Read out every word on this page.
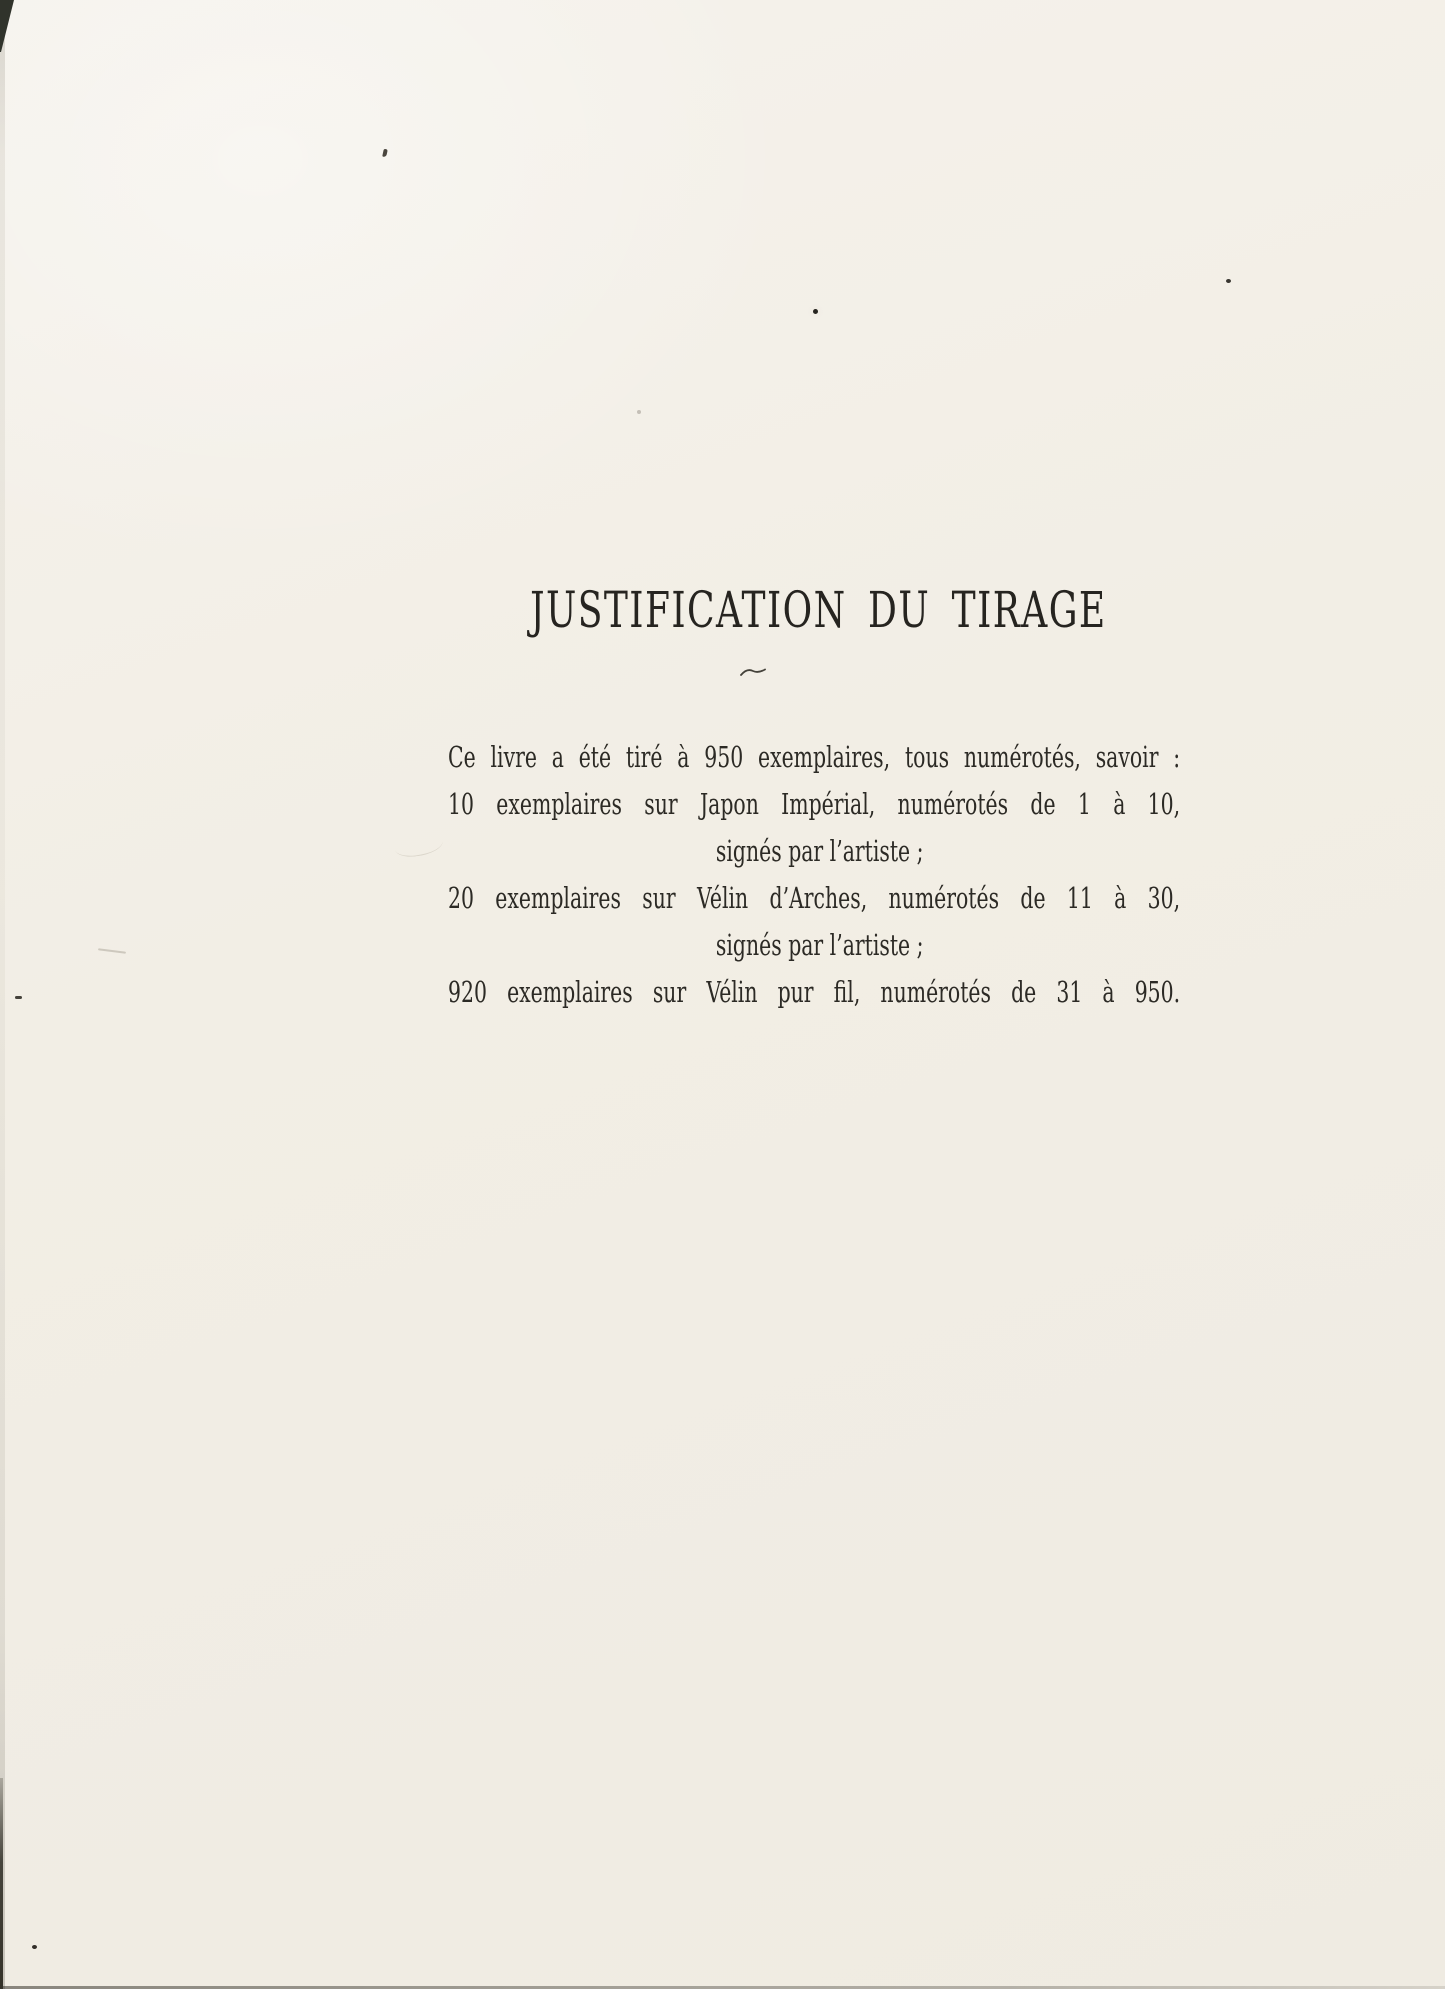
JUSTIFICATION DU TIRAGE

Ce livre a été tiré à 950 exemplaires, tous numérotés, savoir :

10 exemplaires sur Japon Impérial, numérotés de 1 à 10,

signés par l’artiste ;

20 exemplaires sur Vélin d’Arches, numérotés de 11 à 30,

signés par l’artiste ;

920 exemplaires sur Vélin pur fil, numérotés de 31 à 950.
